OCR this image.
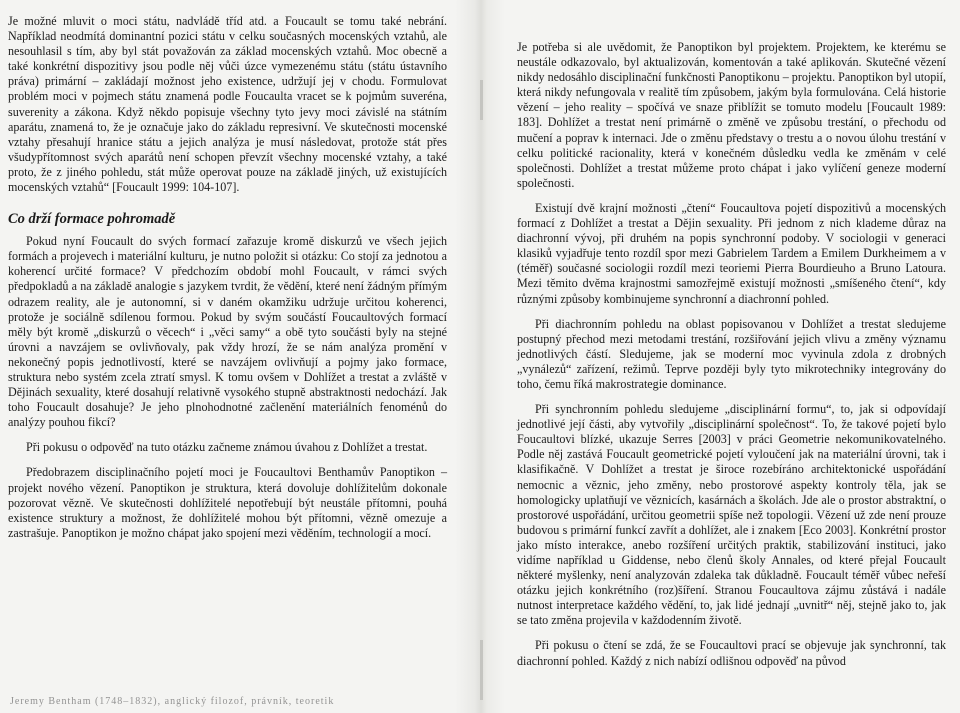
Je možné mluvit o moci státu, nadvládě tříd atd. a Foucault se tomu také nebrání. Například neodmítá dominantní pozici státu v celku současných mocenských vztahů, ale nesouhlasil s tím, aby byl stát považován za základ mocenských vztahů. Moc obecně a také konkrétní dispozitivy jsou podle něj vůči úzce vymezenému státu (státu ústavního práva) primární – zakládají možnost jeho existence, udržují jej v chodu. Formulovat problém moci v pojmech státu znamená podle Foucaulta vracet se k pojmům suveréna, suverenity a zákona. Když někdo popisuje všechny tyto jevy moci závislé na státním aparátu, znamená to, že je označuje jako do základu represivní. Ve skutečnosti mocenské vztahy přesahují hranice státu a jejich analýza je musí následovat, protože stát přes všudypřítomnost svých aparátů není schopen převzít všechny mocenské vztahy, a také proto, že z jiného pohledu, stát může operovat pouze na základě jiných, už existujících mocenských vztahů“ [Foucault 1999: 104-107].

Co drží formace pohromadě

Pokud nyní Foucault do svých formací zařazuje kromě diskurzů ve všech jejich formách a projevech i materiální kulturu, je nutno položit si otázku: Co stojí za jednotou a koherencí určité formace? V předchozím období mohl Foucault, v rámci svých předpokladů a na základě analogie s jazykem tvrdit, že vědění, které není žádným přímým odrazem reality, ale je autonomní, si v daném okamžiku udržuje určitou koherenci, protože je sociálně sdílenou formou. Pokud by svým součástí Foucaultových formací měly být kromě „diskurzů o věcech“ i „věci samy“ a obě tyto součásti byly na stejné úrovni a navzájem se ovlivňovaly, pak vždy hrozí, že se nám analýza promění v nekonečný popis jednotlivostí, které se navzájem ovlivňují a pojmy jako formace, struktura nebo systém zcela ztratí smysl. K tomu ovšem v Dohlížet a trestat a zvláště v Dějinách sexuality, které dosahují relativně vysokého stupně abstraktnosti nedochází. Jak toho Foucault dosahuje? Je jeho plnohodnotné začlenění materiálních fenoménů do analýzy pouhou fikcí?

Při pokusu o odpověď na tuto otázku začneme známou úvahou z Dohlížet a trestat.

Předobrazem disciplinačního pojetí moci je Foucaultovi Benthamův Panoptikon – projekt nového vězení. Panoptikon je struktura, která dovoluje dohlížitelům dokonale pozorovat vězně. Ve skutečnosti dohlížitelé nepotřebují být neustále přítomni, pouhá existence struktury a možnost, že dohlížitelé mohou být přítomni, vězně omezuje a zastrašuje. Panoptikon je možno chápat jako spojení mezi věděním, technologií a mocí.

Jeremy Bentham (1748–1832), anglický filozof, právník, teoretik

Je potřeba si ale uvědomit, že Panoptikon byl projektem. Projektem, ke kterému se neustále odkazovalo, byl aktualizován, komentován a také aplikován. Skutečné vězení nikdy nedosáhlo disciplinační funkčnosti Panoptikonu – projektu. Panoptikon byl utopií, která nikdy nefungovala v realitě tím způsobem, jakým byla formulována. Celá historie vězení – jeho reality – spočívá ve snaze přiblížit se tomuto modelu [Foucault 1989: 183]. Dohlížet a trestat není primárně o změně ve způsobu trestání, o přechodu od mučení a poprav k internaci. Jde o změnu představy o trestu a o novou úlohu trestání v celku politické racionality, která v konečném důsledku vedla ke změnám v celé společnosti. Dohlížet a trestat můžeme proto chápat i jako vylíčení geneze moderní společnosti.

Existují dvě krajní možnosti „čtení“ Foucaultova pojetí dispozitivů a mocenských formací z Dohlížet a trestat a Dějin sexuality. Při jednom z nich klademe důraz na diachronní vývoj, při druhém na popis synchronní podoby. V sociologii v generaci klasiků vyjadřuje tento rozdíl spor mezi Gabrielem Tardem a Emilem Durkheimem a v (téměř) současné sociologii rozdíl mezi teoriemi Pierra Bourdieuho a Bruno Latoura. Mezi těmito dvěma krajnostmi samozřejmě existují možnosti „smíšeného čtení“, kdy různými způsoby kombinujeme synchronní a diachronní pohled.

Při diachronním pohledu na oblast popisovanou v Dohlížet a trestat sledujeme postupný přechod mezi metodami trestání, rozšiřování jejich vlivu a změny významu jednotlivých částí. Sledujeme, jak se moderní moc vyvinula zdola z drobných „vynálezů“ zařízení, režimů. Teprve později byly tyto mikrotechniky integrovány do toho, čemu říká makrostrategie dominance.

Při synchronním pohledu sledujeme „disciplinární formu“, to, jak si odpovídají jednotlivé její části, aby vytvořily „disciplinární společnost“. To, že takové pojetí bylo Foucaultovi blízké, ukazuje Serres [2003] v práci Geometrie nekomunikovatelného. Podle něj zastává Foucault geometrické pojetí vyloučení jak na materiální úrovni, tak i klasifikačně. V Dohlížet a trestat je široce rozebíráno architektonické uspořádání nemocnic a věznic, jeho změny, nebo prostorové aspekty kontroly těla, jak se homologicky uplatňují ve věznicích, kasárnách a školách. Jde ale o prostor abstraktní, o prostorové uspořádání, určitou geometrii spíše než topologii. Vězení už zde není prouze budovou s primární funkcí zavřít a dohlížet, ale i znakem [Eco 2003]. Konkrétní prostor jako místo interakce, anebo rozšíření určitých praktik, stabilizování instituci, jako vidíme například u Giddense, nebo členů školy Annales, od které přejal Foucault některé myšlenky, není analyzován zdaleka tak důkladně. Foucault téměř vůbec neřeší otázku jejich konkrétního (roz)šíření. Stranou Foucaultova zájmu zůstává i nadále nutnost interpretace každého vědění, to, jak lidé jednají „uvnitř“ něj, stejně jako to, jak se tato změna projevila v každodenním životě.

Při pokusu o čtení se zdá, že se Foucaultovi prací se objevuje jak synchronní, tak diachronní pohled. Každý z nich nabízí odlišnou odpověď na původ
